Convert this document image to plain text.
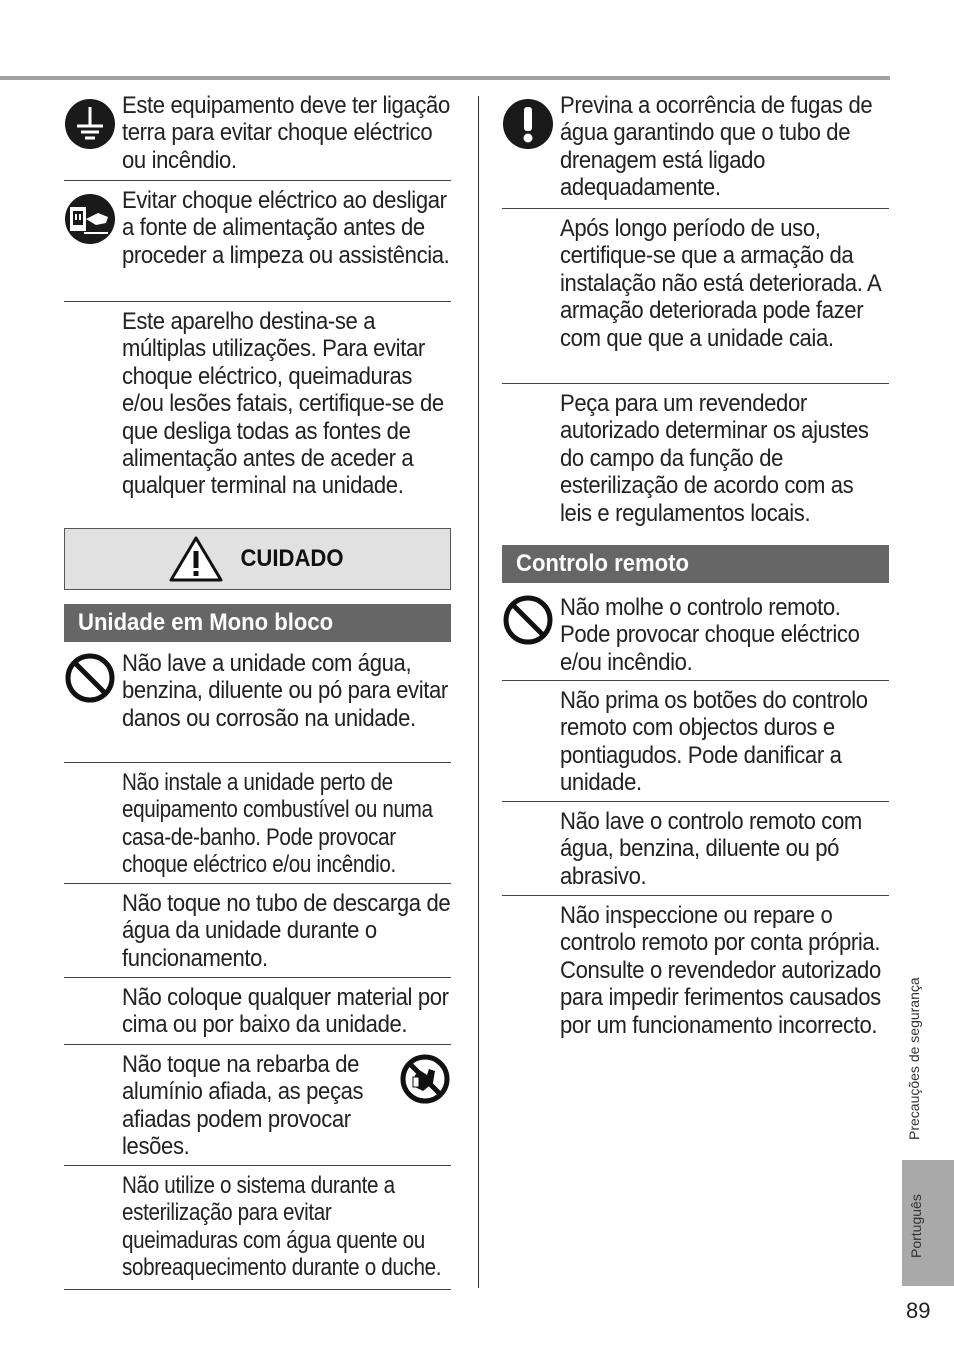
Este equipamento deve ter ligação terra para evitar choque eléctrico ou incêndio.
Evitar choque eléctrico ao desligar a fonte de alimentação antes de proceder a limpeza ou assistência.
Este aparelho destina-se a múltiplas utilizações. Para evitar choque eléctrico, queimaduras e/ou lesões fatais, certifique-se de que desliga todas as fontes de alimentação antes de aceder a qualquer terminal na unidade.
CUIDADO
Unidade em Mono bloco
Não lave a unidade com água, benzina, diluente ou pó para evitar danos ou corrosão na unidade.
Não instale a unidade perto de equipamento combustível ou numa casa-de-banho. Pode provocar choque eléctrico e/ou incêndio.
Não toque no tubo de descarga de água da unidade durante o funcionamento.
Não coloque qualquer material por cima ou por baixo da unidade.
Não toque na rebarba de alumínio afiada, as peças afiadas podem provocar lesões.
Não utilize o sistema durante a esterilização para evitar queimaduras com água quente ou sobreaquecimento durante o duche.
Previna a ocorrência de fugas de água garantindo que o tubo de drenagem está ligado adequadamente.
Após longo período de uso, certifique-se que a armação da instalação não está deteriorada. A armação deteriorada pode fazer com que que a unidade caia.
Peça para um revendedor autorizado determinar os ajustes do campo da função de esterilização de acordo com as leis e regulamentos locais.
Controlo remoto
Não molhe o controlo remoto. Pode provocar choque eléctrico e/ou incêndio.
Não prima os botões do controlo remoto com objectos duros e pontiagudos. Pode danificar a unidade.
Não lave o controlo remoto com água, benzina, diluente ou pó abrasivo.
Não inspeccione ou repare o controlo remoto por conta própria. Consulte o revendedor autorizado para impedir ferimentos causados por um funcionamento incorrecto.	Precauções de segurança
Português
89
